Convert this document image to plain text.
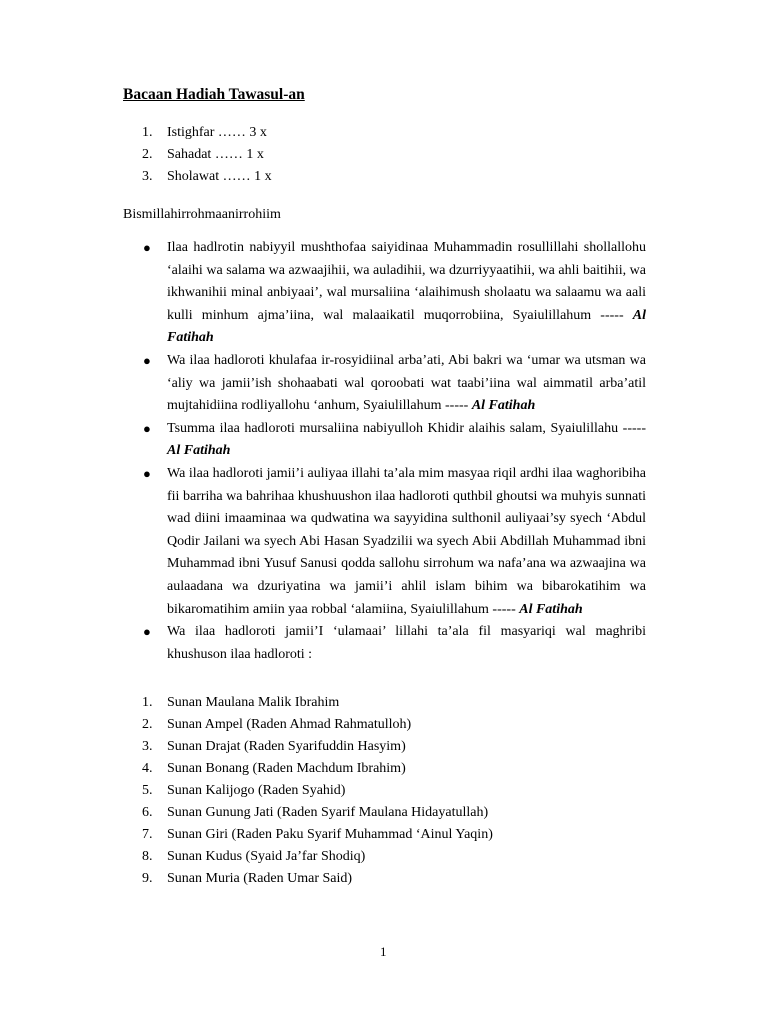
Bacaan Hadiah Tawasul-an
1. Istighfar …… 3 x
2. Sahadat …… 1 x
3. Sholawat …… 1 x
Bismillahirrohmaanirrohiim
● Ilaa hadlrotin nabiyyil mushthofaa saiyidinaa Muhammadin rosullillahi shollallohu ‘alaihi wa salama wa azwaajihii, wa auladihii, wa dzurriyyaatihii, wa ahli baitihii, wa ikhwanihii minal anbiyaai’, wal mursaliina ‘alaihimush sholaatu wa salaamu wa aali kulli minhum ajma’iina, wal malaaikatil muqorrobiina, Syaiulillahum ----- Al Fatihah
● Wa ilaa hadloroti khulafaa ir-rosyidiinal arba’ati, Abi bakri wa ‘umar wa utsman wa ‘aliy wa jamii’ish shohaabati wal qoroobati wat taabi’iina wal aimmatil arba’atil mujtahidiina rodliyallohu ‘anhum, Syaiulillahum ----- Al Fatihah
● Tsumma ilaa hadloroti mursaliina nabiyulloh Khidir alaihis salam, Syaiulillahu ----- Al Fatihah
● Wa ilaa hadloroti jamii’i auliyaa illahi ta’ala mim masyaa riqil ardhi ilaa waghoribiha fii barriha wa bahrihaa khushuushon ilaa hadloroti quthbil ghoutsi wa muhyis sunnati wad diini imaaminaa wa qudwatina wa sayyidina sulthonil auliyaai’sy syech ‘Abdul Qodir Jailani wa syech Abi Hasan Syadzilii wa syech Abii Abdillah Muhammad ibni Muhammad ibni Yusuf Sanusi qodda sallohu sirrohum wa nafa’ana wa azwaajina wa aulaadana wa dzuriyatina wa jamii’i ahlil islam bihim wa bibarokatihim wa bikaromatihim amiin yaa robbal ‘alamiina, Syaiulillahum ----- Al Fatihah
● Wa ilaa hadloroti jamii’I ‘ulamaai’ lillahi ta’ala fil masyariqi wal maghribi khushuson ilaa hadloroti :
1. Sunan Maulana Malik Ibrahim
2. Sunan Ampel (Raden Ahmad Rahmatulloh)
3. Sunan Drajat (Raden Syarifuddin Hasyim)
4. Sunan Bonang (Raden Machdum Ibrahim)
5. Sunan Kalijogo (Raden Syahid)
6. Sunan Gunung Jati (Raden Syarif Maulana Hidayatullah)
7. Sunan Giri (Raden Paku Syarif Muhammad ‘Ainul Yaqin)
8. Sunan Kudus (Syaid Ja’far Shodiq)
9. Sunan Muria (Raden Umar Said)
1
